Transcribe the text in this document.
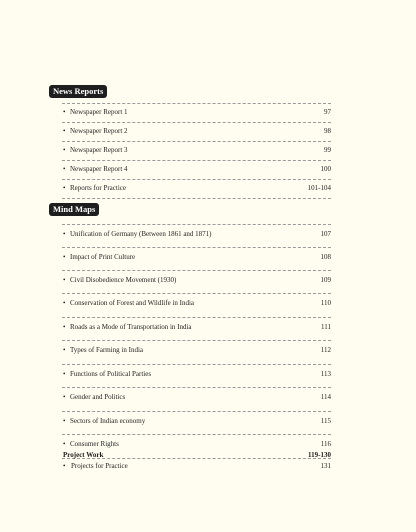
News Reports
• Newspaper Report 1	97
• Newspaper Report 2	98
• Newspaper Report 3	99
• Newspaper Report 4	100
• Reports for Practice	101-104
Mind Maps
• Unification of Germany (Between 1861 and 1871)	107
• Impact of Print Culture	108
• Civil Disobedience Movement (1930)	109
• Conservation of Forest and Wildlife in India	110
• Roads as a Mode of Transportation in India	111
• Types of Farming in India	112
• Functions of Political Parties	113
• Gender and Politics	114
• Sectors of Indian economy	115
• Consumer Rights	116
Project Work	119-130
• Projects for Practice	131
